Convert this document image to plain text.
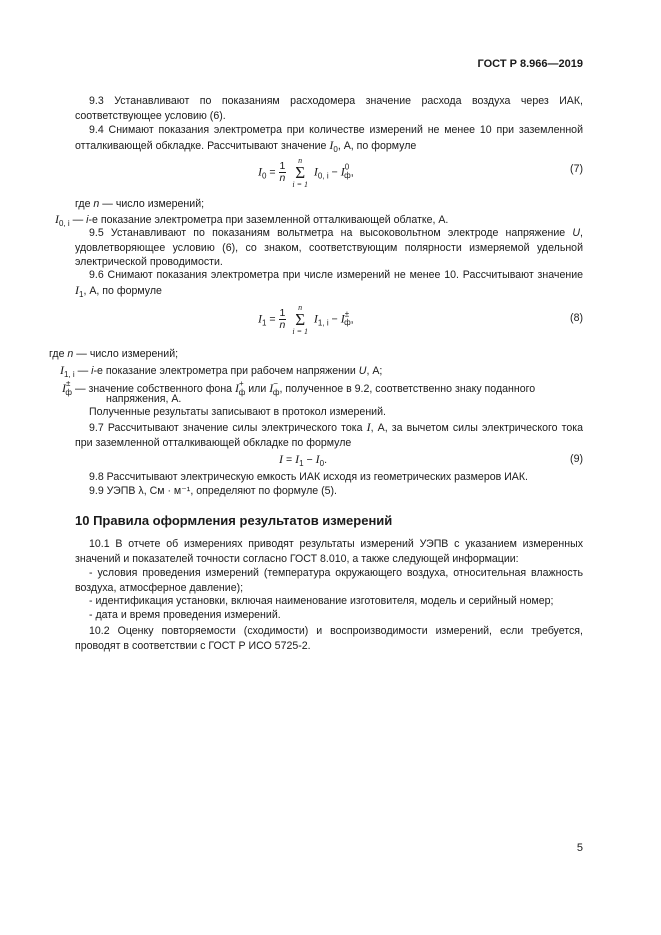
ГОСТ Р 8.966—2019
9.3 Устанавливают по показаниям расходомера значение расхода воздуха через ИАК, соответствующее условию (6).
9.4 Снимают показания электрометра при количестве измерений не менее 10 при заземленной отталкивающей обкладке. Рассчитывают значение $I_0$, А, по формуле
$I_0 = \frac{1}{n}$
n
Σ
i = 1
$I_{0, i} - I^0_ф$,	(7)
где n — число измерений;
$I_{0, i}$ — i-е показание электрометра при заземленной отталкивающей облатке, А.
9.5 Устанавливают по показаниям вольтметра на высоковольтном электроде напряжение U, удовлетворяющее условию (6), со знаком, соответствующим полярности измеряемой удельной электрической проводимости.
9.6 Снимают показания электрометра при числе измерений не менее 10. Рассчитывают значение $I_1$, А, по формуле
$I_1 = \frac{1}{n}$
n
Σ
i = 1
$I_{1, i} - I^\pm_ф$,	(8)
где n — число измерений;
$I_{1, i}$ — i-е показание электрометра при рабочем напряжении U, А;
$I^\pm_ф$ — значение собственного фона $I^+_ф$ или $I^-_ф$, полученное в 9.2, соответственно знаку поданного
напряжения, А.
Полученные результаты записывают в протокол измерений.
9.7 Рассчитывают значение силы электрического тока I, А, за вычетом силы электрического тока при заземленной отталкивающей обкладке по формуле
$I = I_1 - I_0$.	(9)
9.8 Рассчитывают электрическую емкость ИАК исходя из геометрических размеров ИАК.
9.9 УЭПВ λ, См · м⁻¹, определяют по формуле (5).
10 Правила оформления результатов измерений
10.1 В отчете об измерениях приводят результаты измерений УЭПВ с указанием измеренных значений и показателей точности согласно ГОСТ 8.010, а также следующей информации:
- условия проведения измерений (температура окружающего воздуха, относительная влажность воздуха, атмосферное давление);
- идентификация установки, включая наименование изготовителя, модель и серийный номер;
- дата и время проведения измерений.
10.2 Оценку повторяемости (сходимости) и воспроизводимости измерений, если требуется, проводят в соответствии с ГОСТ Р ИСО 5725-2.
5
